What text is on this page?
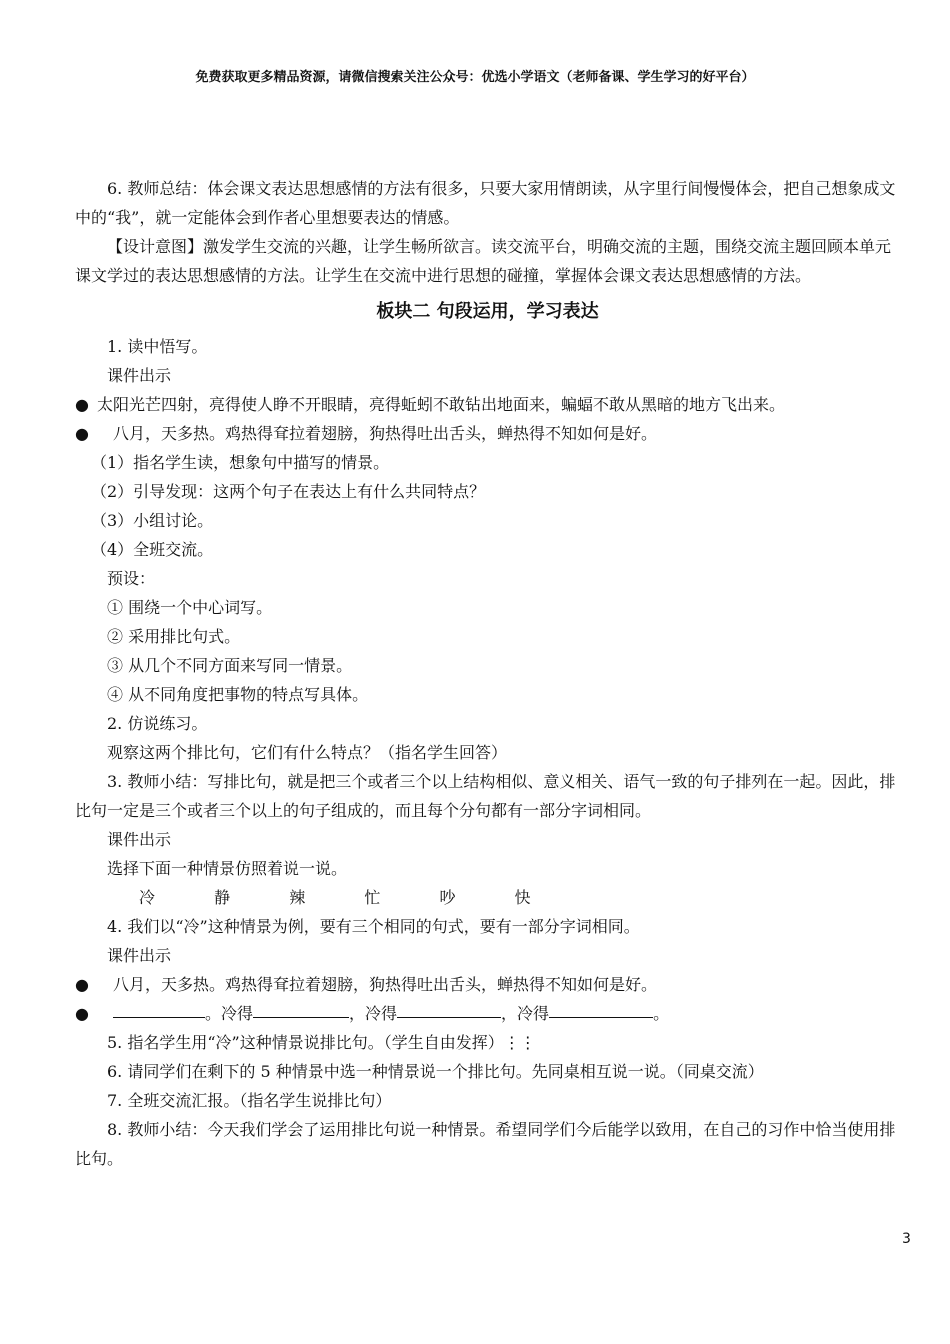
免费获取更多精品资源，请微信搜索关注公众号：优选小学语文（老师备课、学生学习的好平台）

6. 教师总结：体会课文表达思想感情的方法有很多，只要大家用情朗读，从字里行间慢慢体会，把自己想象成文中的“我”，就一定能体会到作者心里想要表达的情感。

【设计意图】激发学生交流的兴趣，让学生畅所欲言。读交流平台，明确交流的主题，围绕交流主题回顾本单元课文学过的表达思想感情的方法。让学生在交流中进行思想的碰撞，掌握体会课文表达思想感情的方法。

板块二 句段运用，学习表达

1. 读中悟写。

课件出示

● 太阳光芒四射，亮得使人睁不开眼睛，亮得蚯蚓不敢钻出地面来，蝙蝠不敢从黑暗的地方飞出来。
●	八月，天多热。鸡热得耷拉着翅膀，狗热得吐出舌头，蝉热得不知如何是好。

（1）指名学生读，想象句中描写的情景。

（2）引导发现：这两个句子在表达上有什么共同特点？

（3）小组讨论。

（4）全班交流。

预设：

① 围绕一个中心词写。

② 采用排比句式。

③ 从几个不同方面来写同一情景。

④ 从不同角度把事物的特点写具体。

2. 仿说练习。

观察这两个排比句，它们有什么特点？（指名学生回答）

3. 教师小结：写排比句，就是把三个或者三个以上结构相似、意义相关、语气一致的句子排列在一起。因此，排比句一定是三个或者三个以上的句子组成的，而且每个分句都有一部分字词相同。

课件出示

选择下面一种情景仿照着说一说。

冷	静	辣	忙	吵	快

4. 我们以“冷”这种情景为例，要有三个相同的句式，要有一部分字词相同。

课件出示

●	八月，天多热。鸡热得耷拉着翅膀，狗热得吐出舌头，蝉热得不知如何是好。
●	。 冷得	，冷得	，冷得	。

5. 指名学生用“冷”这种情景说排比句。（学生自由发挥）⋮⋮

6. 请同学们在剩下的 5 种情景中选一种情景说一个排比句。先同桌相互说一说。（同桌交流）

7. 全班交流汇报。（指名学生说排比句）

8. 教师小结：今天我们学会了运用排比句说一种情景。希望同学们今后能学以致用，在自己的习作中恰当使用排比句。

3
